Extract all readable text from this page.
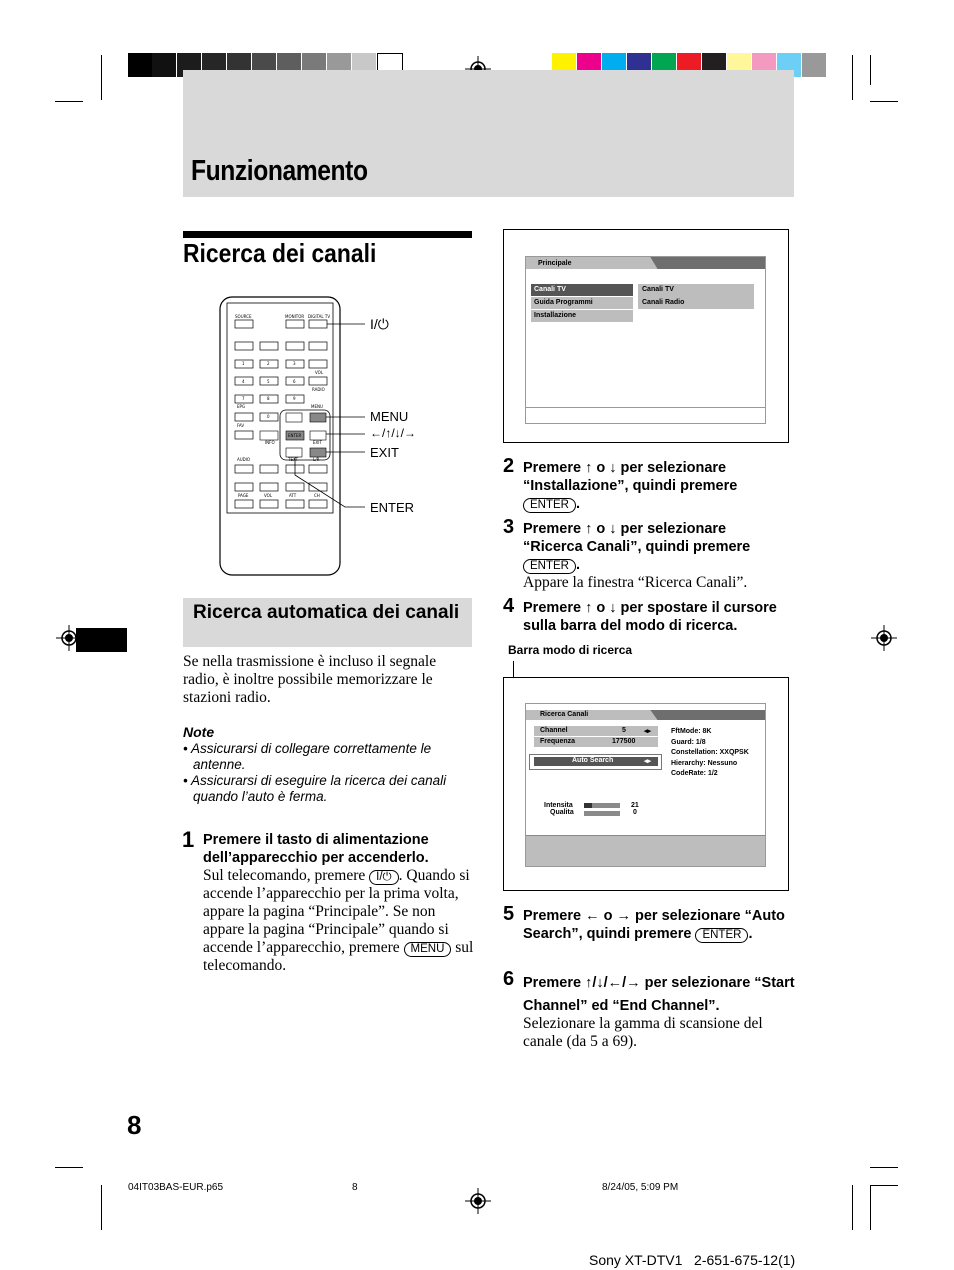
Funzionamento
Ricerca dei canali
SOURCE	MONITOR DIGITAL TV
VOL
RADIO
EPG	MENU
FAV
INFO
ENTER
EXIT
AUDIO	TEXT	L/R
PAGE	VOL	ATT	CH
1	2	3
4	5	6
7	8	9
0
I/⏻
MENU
←/↑/↓/→
EXIT
ENTER
Ricerca automatica dei canali
Se nella trasmissione è incluso il segnale radio, è inoltre possibile memorizzare le stazioni radio.
Note
• Assicurarsi di collegare correttamente le antenne.
• Assicurarsi di eseguire la ricerca dei canali quando l’auto è ferma.
1 Premere il tasto di alimentazione dell’apparecchio per accenderlo.
Sul telecomando, premere I/⏻ . Quando si accende l’apparecchio per la prima volta, appare la pagina “Principale”. Se non appare la pagina “Principale” quando si accende l’apparecchio, premere MENU sul telecomando.
Principale
Canali TV
Guida Programmi
Installazione
Canali TV
Canali Radio
2 Premere ↑ o ↓ per selezionare “Installazione”, quindi premere ENTER .
3 Premere ↑ o ↓ per selezionare “Ricerca Canali”, quindi premere ENTER .
Appare la finestra “Ricerca Canali”.
4 Premere ↑ o ↓ per spostare il cursore sulla barra del modo di ricerca.
Barra modo di ricerca
Ricerca Canali
Channel	5	◂▸
Frequenza	177500
Auto Search	◂▸
FftMode: 8K
Guard: 1/8
Constellation: XXQPSK
Hierarchy: Nessuno
CodeRate: 1/2
Intensita	21
Qualita	0
5 Premere ← o → per selezionare “Auto Search”, quindi premere ENTER .
6 Premere ↑/↓/←/→ per selezionare “Start Channel” ed “End Channel”.
Selezionare la gamma di scansione del canale (da 5 a 69).
8
04IT03BAS-EUR.p65	8	8/24/05, 5:09 PM
Sony XT-DTV1   2-651-675-12(1)
